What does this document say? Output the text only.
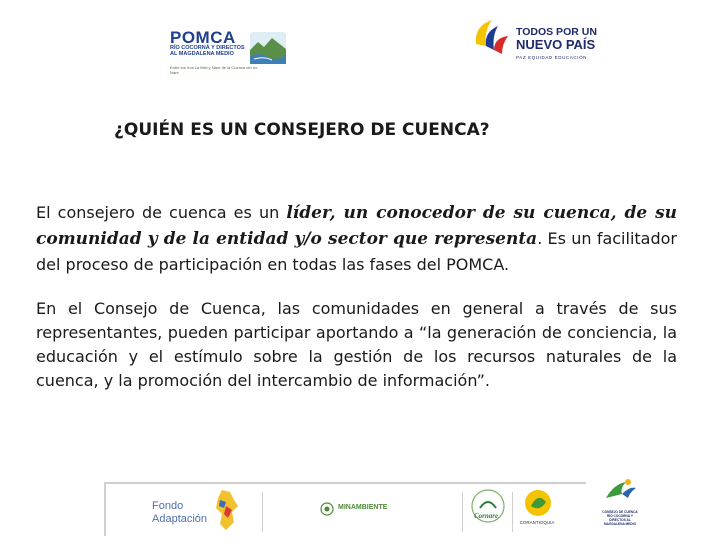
POMCA
RÍO COCORNÁ Y DIRECTOS AL MAGDALENA MEDIO
Entre los ríos La Miel y Nare de la Cuenca del río Nare
TODOS POR UN
NUEVO PAÍS
PAZ EQUIDAD EDUCACIÓN
¿QUIÉN ES UN CONSEJERO DE CUENCA?

El consejero de cuenca es un líder, un conocedor de su cuenca, de su comunidad y de la entidad y/o sector que representa. Es un facilitador del proceso de participación en todas las fases del POMCA.

En el Consejo de Cuenca, las comunidades en general a través de sus representantes, pueden participar aportando a “la generación de conciencia, la educación y el estímulo sobre la gestión de los recursos naturales de la cuenca, y la promoción del intercambio de información”.

Fondo Adaptación
MINAMBIENTE
Cornare
CORANTIOQUIA
CONSEJO DE CUENCA RÍO COCORNÁ Y DIRECTOS AL MAGDALENA MEDIO
